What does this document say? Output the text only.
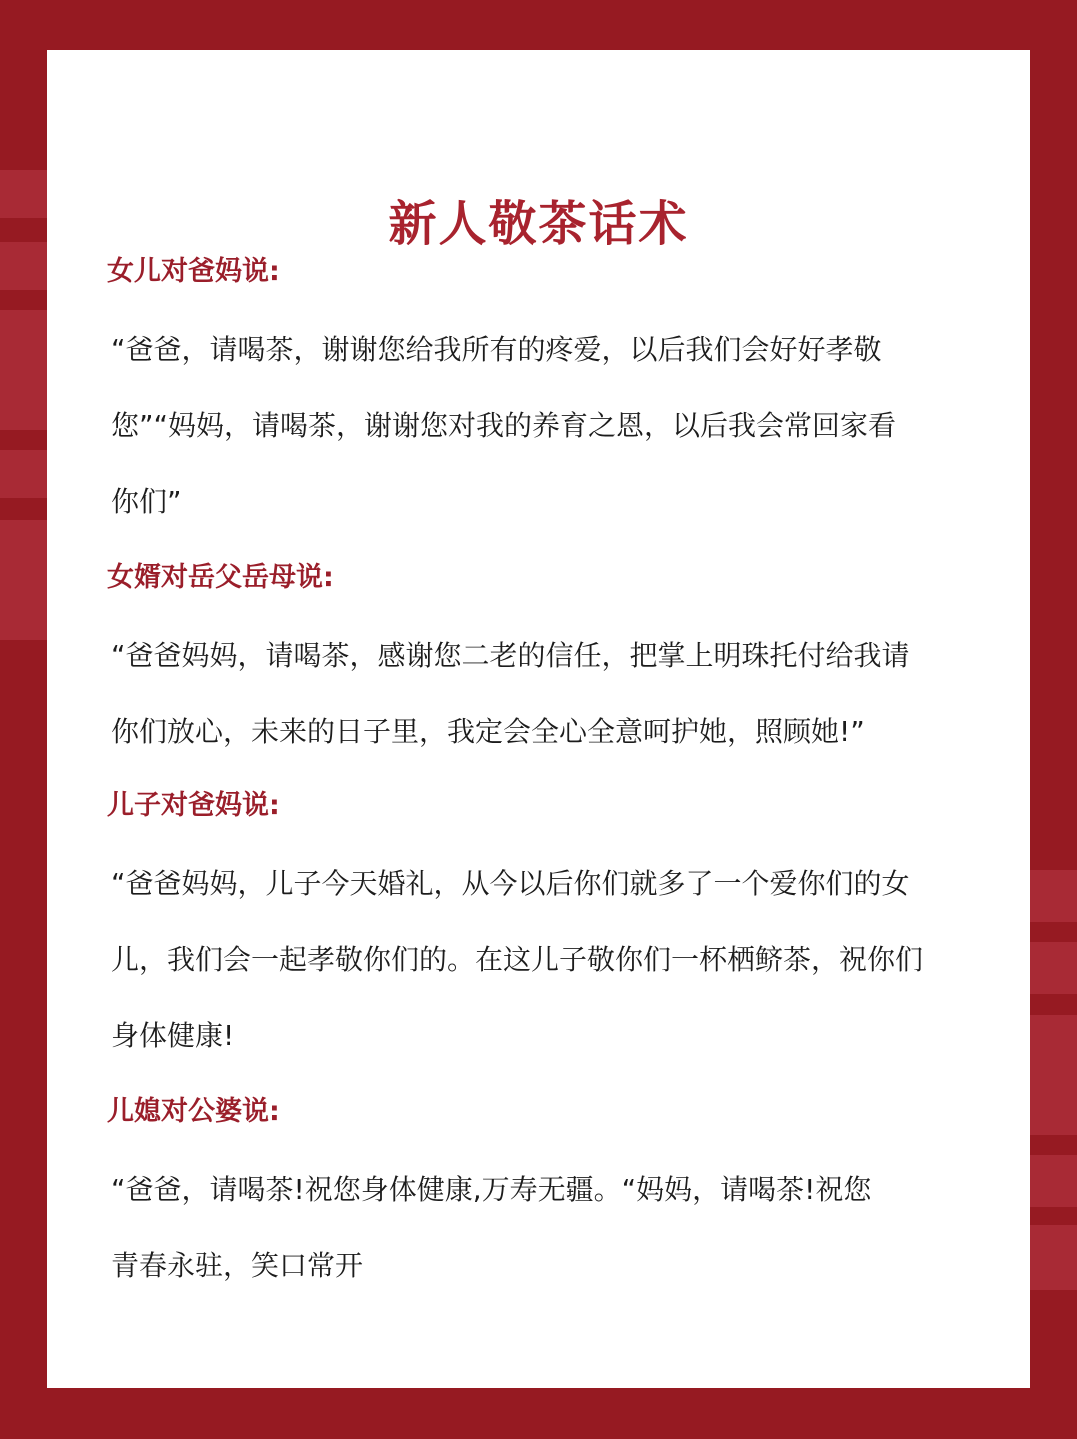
新人敬茶话术

女儿对爸妈说:

“爸爸，请喝茶，谢谢您给我所有的疼爱，以后我们会好好孝敬

您”“妈妈，请喝茶，谢谢您对我的养育之恩，以后我会常回家看

你们”

女婿对岳父岳母说:

“爸爸妈妈，请喝茶，感谢您二老的信任，把掌上明珠托付给我请

你们放心，未来的日子里，我定会全心全意呵护她，照顾她!”

儿子对爸妈说:

“爸爸妈妈，儿子今天婚礼，从今以后你们就多了一个爱你们的女

儿，我们会一起孝敬你们的。在这儿子敬你们一杯栖鲚茶，祝你们

身体健康!

儿媳对公婆说:

“爸爸，请喝茶!祝您身体健康,万寿无疆。“妈妈，请喝茶!祝您

青春永驻，笑口常开
